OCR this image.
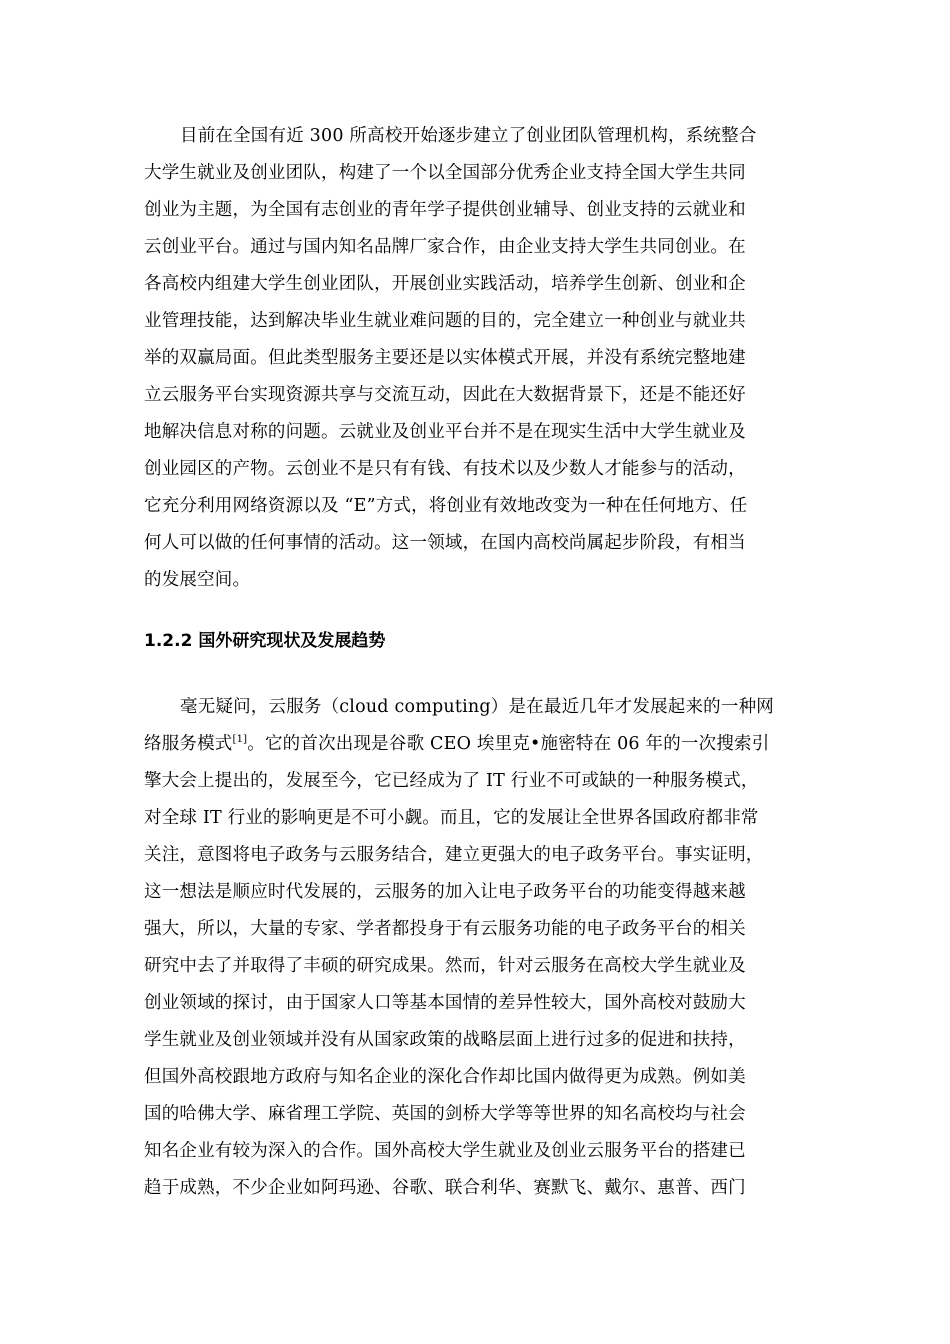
目前在全国有近 300 所高校开始逐步建立了创业团队管理机构，系统整合

大学生就业及创业团队，构建了一个以全国部分优秀企业支持全国大学生共同

创业为主题，为全国有志创业的青年学子提供创业辅导、创业支持的云就业和

云创业平台。通过与国内知名品牌厂家合作，由企业支持大学生共同创业。在

各高校内组建大学生创业团队，开展创业实践活动，培养学生创新、创业和企

业管理技能，达到解决毕业生就业难问题的目的，完全建立一种创业与就业共

举的双赢局面。但此类型服务主要还是以实体模式开展，并没有系统完整地建

立云服务平台实现资源共享与交流互动，因此在大数据背景下，还是不能还好

地解决信息对称的问题。云就业及创业平台并不是在现实生活中大学生就业及

创业园区的产物。云创业不是只有有钱、有技术以及少数人才能参与的活动，

它充分利用网络资源以及 “E”方式，将创业有效地改变为一种在任何地方、任

何人可以做的任何事情的活动。这一领域，在国内高校尚属起步阶段，有相当

的发展空间。

1.2.2 国外研究现状及发展趋势

毫无疑问，云服务（cloud computing）是在最近几年才发展起来的一种网

络服务模式[1]。它的首次出现是谷歌 CEO 埃里克•施密特在 06 年的一次搜索引

擎大会上提出的，发展至今，它已经成为了 IT 行业不可或缺的一种服务模式，

对全球 IT 行业的影响更是不可小觑。而且，它的发展让全世界各国政府都非常

关注，意图将电子政务与云服务结合，建立更强大的电子政务平台。事实证明，

这一想法是顺应时代发展的，云服务的加入让电子政务平台的功能变得越来越

强大，所以，大量的专家、学者都投身于有云服务功能的电子政务平台的相关

研究中去了并取得了丰硕的研究成果。然而，针对云服务在高校大学生就业及

创业领域的探讨，由于国家人口等基本国情的差异性较大，国外高校对鼓励大

学生就业及创业领域并没有从国家政策的战略层面上进行过多的促进和扶持，

但国外高校跟地方政府与知名企业的深化合作却比国内做得更为成熟。例如美

国的哈佛大学、麻省理工学院、英国的剑桥大学等等世界的知名高校均与社会

知名企业有较为深入的合作。国外高校大学生就业及创业云服务平台的搭建已

趋于成熟，不少企业如阿玛逊、谷歌、联合利华、赛默飞、戴尔、惠普、西门
